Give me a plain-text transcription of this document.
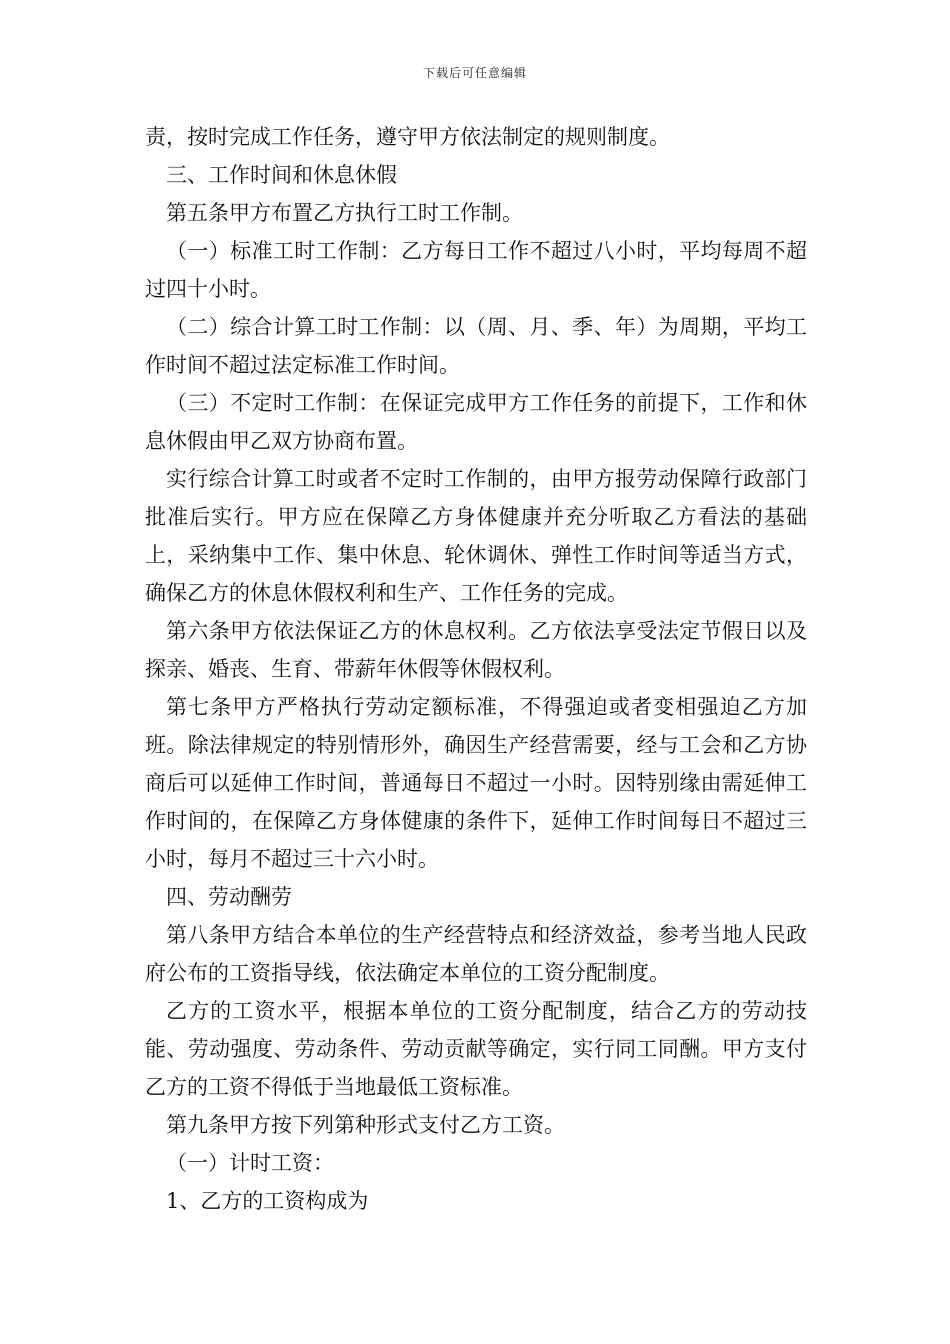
下载后可任意编辑

责，按时完成工作任务，遵守甲方依法制定的规则制度。

三、工作时间和休息休假

第五条甲方布置乙方执行工时工作制。

（一）标准工时工作制：乙方每日工作不超过八小时，平均每周不超过四十小时。

（二）综合计算工时工作制：以（周、月、季、年）为周期，平均工作时间不超过法定标准工作时间。

（三）不定时工作制：在保证完成甲方工作任务的前提下，工作和休息休假由甲乙双方协商布置。

实行综合计算工时或者不定时工作制的，由甲方报劳动保障行政部门批准后实行。甲方应在保障乙方身体健康并充分听取乙方看法的基础上，采纳集中工作、集中休息、轮休调休、弹性工作时间等适当方式，确保乙方的休息休假权利和生产、工作任务的完成。

第六条甲方依法保证乙方的休息权利。乙方依法享受法定节假日以及探亲、婚丧、生育、带薪年休假等休假权利。

第七条甲方严格执行劳动定额标准，不得强迫或者变相强迫乙方加班。除法律规定的特别情形外，确因生产经营需要，经与工会和乙方协商后可以延伸工作时间，普通每日不超过一小时。因特别缘由需延伸工作时间的，在保障乙方身体健康的条件下，延伸工作时间每日不超过三小时，每月不超过三十六小时。

四、劳动酬劳

第八条甲方结合本单位的生产经营特点和经济效益，参考当地人民政府公布的工资指导线，依法确定本单位的工资分配制度。

乙方的工资水平，根据本单位的工资分配制度，结合乙方的劳动技能、劳动强度、劳动条件、劳动贡献等确定，实行同工同酬。甲方支付乙方的工资不得低于当地最低工资标准。

第九条甲方按下列第种形式支付乙方工资。

（一）计时工资：

1、乙方的工资构成为
